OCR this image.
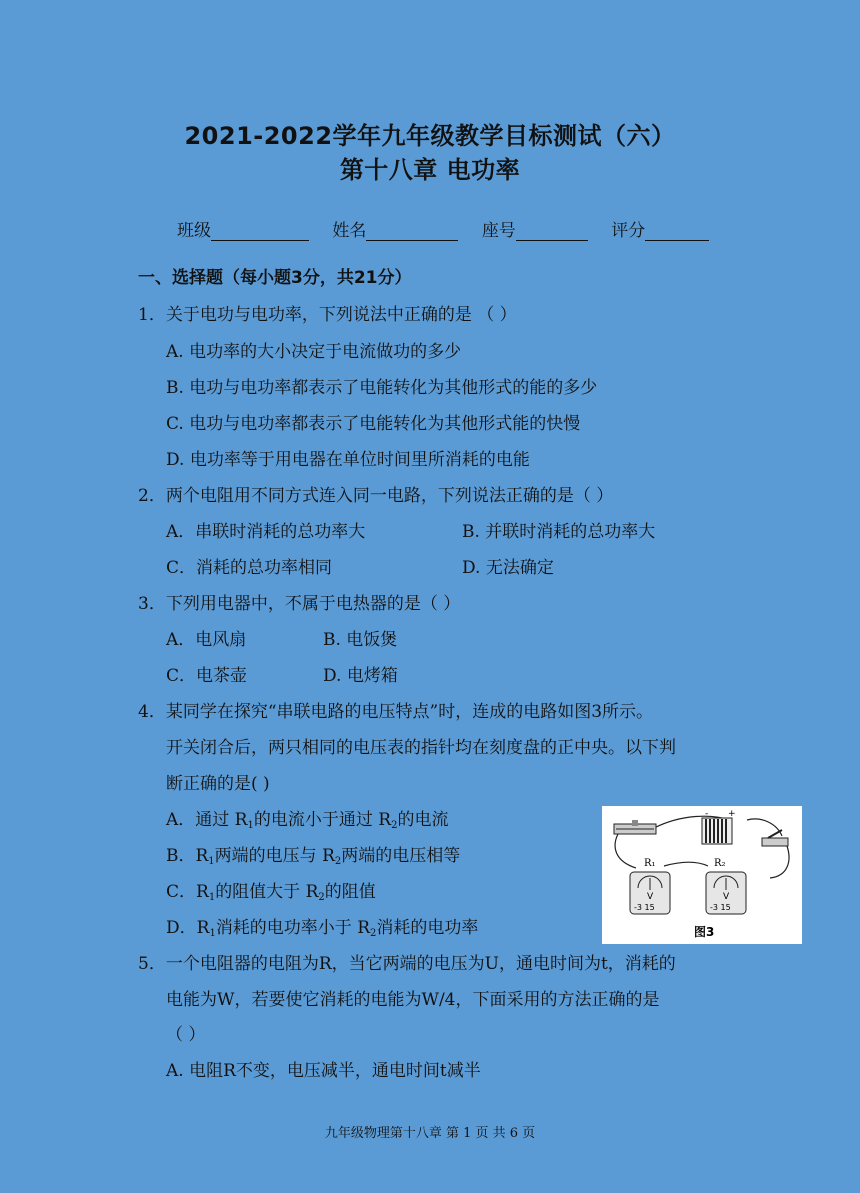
2021-2022学年九年级教学目标测试（六）
第十八章 电功率
班级	姓名	座号	评分
一、选择题（每小题3分，共21分）
1．关于电功与电功率，下列说法中正确的是 （ ）
A. 电功率的大小决定于电流做功的多少
B. 电功与电功率都表示了电能转化为其他形式的能的多少
C. 电功与电功率都表示了电能转化为其他形式能的快慢
D. 电功率等于用电器在单位时间里所消耗的电能
2．两个电阻用不同方式连入同一电路，下列说法正确的是（ ）
A．串联时消耗的总功率大	B. 并联时消耗的总功率大
C．消耗的总功率相同	D. 无法确定
3．下列用电器中，不属于电热器的是（ ）
A．电风扇	B. 电饭煲
C．电茶壶	D. 电烤箱
4．某同学在探究“串联电路的电压特点”时，连成的电路如图3所示。
开关闭合后，两只相同的电压表的指针均在刻度盘的正中央。以下判
断正确的是( )
A．通过 $R_1$的电流小于通过 $R_2$的电流
B．$R_1$两端的电压与 $R_2$两端的电压相等
C．$R_1$的阻值大于 $R_2$的阻值
D．$R_1$消耗的电功率小于 $R_2$消耗的电功率
- +
R₁	R₂
V
-3 15
V
-3 15
图3
5．一个电阻器的电阻为R，当它两端的电压为U，通电时间为t，消耗的
电能为W，若要使它消耗的电能为W/4，下面采用的方法正确的是
（ ）
A. 电阻R不变，电压减半，通电时间t减半
九年级物理第十八章 第 1 页 共 6 页
